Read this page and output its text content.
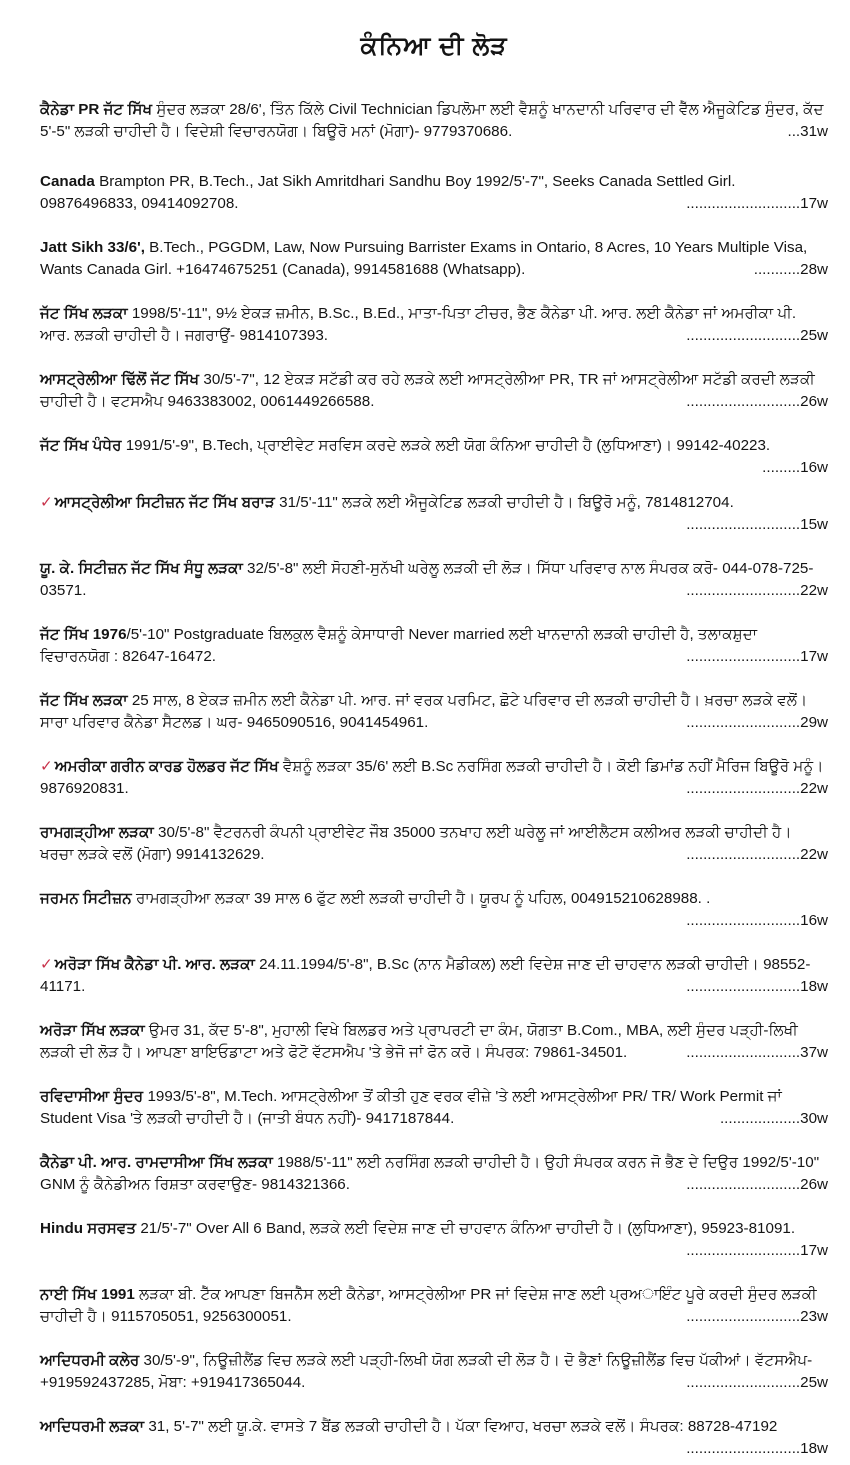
ਕੰਨਿਆ ਦੀ ਲੋੜ
ਕੈਨੇਡਾ PR ਜੱਟ ਸਿੱਖ ਸੁੰਦਰ ਲੜਕਾ 28/6', ਤਿੰਨ ਕਿੱਲੇ Civil Technician ਡਿਪਲੋਮਾ ਲਈ ਵੈਸ਼ਨੂੰ ਖਾਨਦਾਨੀ ਪਰਿਵਾਰ ਦੀ ਵੈੱਲ ਐਜੂਕੇਟਿਡ ਸੁੰਦਰ, ਕੱਦ 5'-5" ਲੜਕੀ ਚਾਹੀਦੀ ਹੈ। ਵਿਦੇਸ਼ੀ ਵਿਚਾਰਨਯੋਗ। ਬਿਊਰੋ ਮਨਾਂ (ਮੋਗਾ)- 9779370686.	...31w
Canada Brampton PR, B.Tech., Jat Sikh Amritdhari Sandhu Boy 1992/5'-7", Seeks Canada Settled Girl. 09876496833, 09414092708.	...........................17w
Jatt Sikh 33/6', B.Tech., PGGDM, Law, Now Pursuing Barrister Exams in Ontario, 8 Acres, 10 Years Multiple Visa, Wants Canada Girl. +16474675251 (Canada), 9914581688 (Whatsapp).	...........28w
ਜੱਟ ਸਿੱਖ ਲੜਕਾ 1998/5'-11", 9½ ਏਕੜ ਜ਼ਮੀਨ, B.Sc., B.Ed., ਮਾਤਾ-ਪਿਤਾ ਟੀਚਰ, ਭੈਣ ਕੈਨੇਡਾ ਪੀ. ਆਰ. ਲਈ ਕੈਨੇਡਾ ਜਾਂ ਅਮਰੀਕਾ ਪੀ. ਆਰ. ਲੜਕੀ ਚਾਹੀਦੀ ਹੈ। ਜਗਰਾਉਂ- 9814107393.	...........................25w
ਆਸਟ੍ਰੇਲੀਆ ਢਿੱਲੋਂ ਜੱਟ ਸਿੱਖ 30/5'-7", 12 ਏਕੜ ਸਟੱਡੀ ਕਰ ਰਹੇ ਲੜਕੇ ਲਈ ਆਸਟ੍ਰੇਲੀਆ PR, TR ਜਾਂ ਆਸਟ੍ਰੇਲੀਆ ਸਟੱਡੀ ਕਰਦੀ ਲੜਕੀ ਚਾਹੀਦੀ ਹੈ। ਵਟਸਐਪ 9463383002, 0061449266588.	...........................26w
ਜੱਟ ਸਿੱਖ ਪੰਧੇਰ 1991/5'-9", B.Tech, ਪ੍ਰਾਈਵੇਟ ਸਰਵਿਸ ਕਰਦੇ ਲੜਕੇ ਲਈ ਯੋਗ ਕੰਨਿਆ ਚਾਹੀਦੀ ਹੈ (ਲੁਧਿਆਣਾ)। 99142-40223.
.........16w
✓ ਆਸਟ੍ਰੇਲੀਆ ਸਿਟੀਜ਼ਨ ਜੱਟ ਸਿੱਖ ਬਰਾੜ 31/5'-11" ਲੜਕੇ ਲਈ ਐਜੂਕੇਟਿਡ ਲੜਕੀ ਚਾਹੀਦੀ ਹੈ। ਬਿਊਰੋ ਮਨੂੰ, 7814812704.
...........................15w
ਯੂ. ਕੇ. ਸਿਟੀਜ਼ਨ ਜੱਟ ਸਿੱਖ ਸੰਧੂ ਲੜਕਾ 32/5'-8" ਲਈ ਸੋਹਣੀ-ਸੁਨੱਖੀ ਘਰੇਲੂ ਲੜਕੀ ਦੀ ਲੋੜ। ਸਿੱਧਾ ਪਰਿਵਾਰ ਨਾਲ ਸੰਪਰਕ ਕਰੋ- 044-078-725-03571.	...........................22w
ਜੱਟ ਸਿੱਖ 1976/5'-10" Postgraduate ਬਿਲਕੁਲ ਵੈਸ਼ਨੂੰ ਕੇਸਾਧਾਰੀ Never married ਲਈ ਖਾਨਦਾਨੀ ਲੜਕੀ ਚਾਹੀਦੀ ਹੈ, ਤਲਾਕਸ਼ੁਦਾ ਵਿਚਾਰਨਯੋਗ : 82647-16472.	...........................17w
ਜੱਟ ਸਿੱਖ ਲੜਕਾ 25 ਸਾਲ, 8 ਏਕੜ ਜ਼ਮੀਨ ਲਈ ਕੈਨੇਡਾ ਪੀ. ਆਰ. ਜਾਂ ਵਰਕ ਪਰਮਿਟ, ਛੋਟੇ ਪਰਿਵਾਰ ਦੀ ਲੜਕੀ ਚਾਹੀਦੀ ਹੈ। ਖ਼ਰਚਾ ਲੜਕੇ ਵਲੋਂ। ਸਾਰਾ ਪਰਿਵਾਰ ਕੈਨੇਡਾ ਸੈਟਲਡ। ਘਰ- 9465090516, 9041454961.	...........................29w
✓ ਅਮਰੀਕਾ ਗਰੀਨ ਕਾਰਡ ਹੋਲਡਰ ਜੱਟ ਸਿੱਖ ਵੈਸ਼ਨੂੰ ਲੜਕਾ 35/6' ਲਈ B.Sc ਨਰਸਿੰਗ ਲੜਕੀ ਚਾਹੀਦੀ ਹੈ। ਕੋਈ ਡਿਮਾਂਡ ਨਹੀਂ ਮੈਰਿਜ ਬਿਊਰੋ ਮਨੂੰ। 9876920831.	...........................22w
ਰਾਮਗੜ੍ਹੀਆ ਲੜਕਾ 30/5'-8" ਵੈਟਰਨਰੀ ਕੰਪਨੀ ਪ੍ਰਾਈਵੇਟ ਜੌਬ 35000 ਤਨਖਾਹ ਲਈ ਘਰੇਲੂ ਜਾਂ ਆਈਲੈਟਸ ਕਲੀਅਰ ਲੜਕੀ ਚਾਹੀਦੀ ਹੈ। ਖਰਚਾ ਲੜਕੇ ਵਲੋਂ (ਮੋਗਾ) 9914132629.	...........................22w
ਜਰਮਨ ਸਿਟੀਜ਼ਨ ਰਾਮਗੜ੍ਹੀਆ ਲੜਕਾ 39 ਸਾਲ 6 ਫੁੱਟ ਲਈ ਲੜਕੀ ਚਾਹੀਦੀ ਹੈ। ਯੂਰਪ ਨੂੰ ਪਹਿਲ, 004915210628988. .
...........................16w
✓ ਅਰੋੜਾ ਸਿੱਖ ਕੈਨੇਡਾ ਪੀ. ਆਰ. ਲੜਕਾ 24.11.1994/5'-8", B.Sc (ਨਾਨ ਮੈਡੀਕਲ) ਲਈ ਵਿਦੇਸ਼ ਜਾਣ ਦੀ ਚਾਹਵਾਨ ਲੜਕੀ ਚਾਹੀਦੀ। 98552-41171.	...........................18w
ਅਰੋੜਾ ਸਿੱਖ ਲੜਕਾ ਉਮਰ 31, ਕੱਦ 5'-8", ਮੁਹਾਲੀ ਵਿਖੇ ਬਿਲਡਰ ਅਤੇ ਪ੍ਰਾਪਰਟੀ ਦਾ ਕੰਮ, ਯੋਗਤਾ B.Com., MBA, ਲਈ ਸੁੰਦਰ ਪੜ੍ਹੀ-ਲਿਖੀ ਲੜਕੀ ਦੀ ਲੋੜ ਹੈ। ਆਪਣਾ ਬਾਇਓਡਾਟਾ ਅਤੇ ਫੋਟੋ ਵੱਟਸਐਪ 'ਤੇ ਭੇਜੋ ਜਾਂ ਫੋਨ ਕਰੋ। ਸੰਪਰਕ: 79861-34501.	...........................37w
ਰਵਿਦਾਸੀਆ ਸੁੰਦਰ 1993/5'-8", M.Tech. ਆਸਟ੍ਰੇਲੀਆ ਤੋਂ ਕੀਤੀ ਹੁਣ ਵਰਕ ਵੀਜ਼ੇ 'ਤੇ ਲਈ ਆਸਟ੍ਰੇਲੀਆ PR/ TR/ Work Permit ਜਾਂ Student Visa 'ਤੇ ਲੜਕੀ ਚਾਹੀਦੀ ਹੈ। (ਜਾਤੀ ਬੰਧਨ ਨਹੀਂ)- 9417187844.	...................30w
ਕੈਨੇਡਾ ਪੀ. ਆਰ. ਰਾਮਦਾਸੀਆ ਸਿੱਖ ਲੜਕਾ 1988/5'-11" ਲਈ ਨਰਸਿੰਗ ਲੜਕੀ ਚਾਹੀਦੀ ਹੈ। ਉਹੀ ਸੰਪਰਕ ਕਰਨ ਜੋ ਭੈਣ ਦੇ ਦਿਉਰ 1992/5'-10" GNM ਨੂੰ ਕੈਨੇਡੀਅਨ ਰਿਸ਼ਤਾ ਕਰਵਾਉਣ- 9814321366.	...........................26w
Hindu ਸਰਸਵਤ 21/5'-7" Over All 6 Band, ਲੜਕੇ ਲਈ ਵਿਦੇਸ਼ ਜਾਣ ਦੀ ਚਾਹਵਾਨ ਕੰਨਿਆ ਚਾਹੀਦੀ ਹੈ। (ਲੁਧਿਆਣਾ), 95923-81091.
...........................17w
ਨਾਈ ਸਿੱਖ 1991 ਲੜਕਾ ਬੀ. ਟੈੱਕ ਆਪਣਾ ਬਿਜਨੈੱਸ ਲਈ ਕੈਨੇਡਾ, ਆਸਟ੍ਰੇਲੀਆ PR ਜਾਂ ਵਿਦੇਸ਼ ਜਾਣ ਲਈ ਪ੍ਰਅਾਇੰਟ ਪੂਰੇ ਕਰਦੀ ਸੁੰਦਰ ਲੜਕੀ ਚਾਹੀਦੀ ਹੈ। 9115705051, 9256300051.	...........................23w
ਆਦਿਧਰਮੀ ਕਲੇਰ 30/5'-9", ਨਿਊਜ਼ੀਲੈਂਡ ਵਿਚ ਲੜਕੇ ਲਈ ਪੜ੍ਹੀ-ਲਿਖੀ ਯੋਗ ਲੜਕੀ ਦੀ ਲੋੜ ਹੈ। ਦੋ ਭੈਣਾਂ ਨਿਊਜ਼ੀਲੈਂਡ ਵਿਚ ਪੱਕੀਆਂ। ਵੱਟਸਐਪ- +919592437285, ਮੋਬਾ: +919417365044.	...........................25w
ਆਦਿਧਰਮੀ ਲੜਕਾ 31, 5'-7" ਲਈ ਯੂ.ਕੇ. ਵਾਸਤੇ 7 ਬੈਂਡ ਲੜਕੀ ਚਾਹੀਦੀ ਹੈ। ਪੱਕਾ ਵਿਆਹ, ਖਰਚਾ ਲੜਕੇ ਵਲੋਂ। ਸੰਪਰਕ: 88728-47192
...........................18w
